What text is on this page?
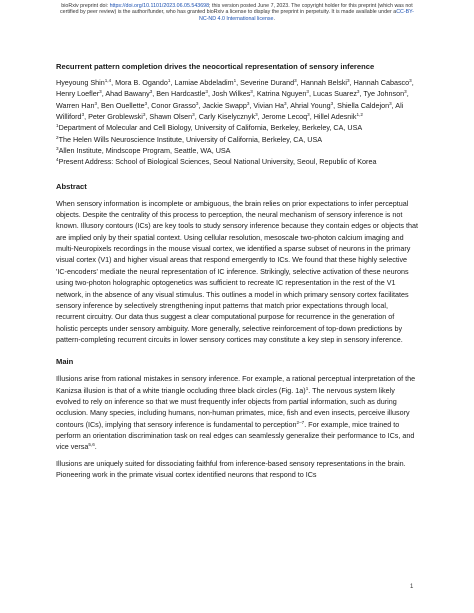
bioRxiv preprint doi: https://doi.org/10.1101/2023.06.05.543698; this version posted June 7, 2023. The copyright holder for this preprint (which was not certified by peer review) is the author/funder, who has granted bioRxiv a license to display the preprint in perpetuity. It is made available under aCC-BY-NC-ND 4.0 International license.
Recurrent pattern completion drives the neocortical representation of sensory inference
Hyeyoung Shin$^{1,4}$, Mora B. Ogando$^1$, Lamiae Abdeladim$^1$, Severine Durand$^3$, Hannah Belski$^3$, Hannah Cabasco$^3$, Henry Loefler$^3$, Ahad Bawany$^3$, Ben Hardcastle$^3$, Josh Wilkes$^3$, Katrina Nguyen$^3$, Lucas Suarez$^3$, Tye Johnson$^3$, Warren Han$^3$, Ben Ouellette$^3$, Conor Grasso$^3$, Jackie Swapp$^3$, Vivian Ha$^3$, Ahrial Young$^3$, Shiella Caldejon$^3$, Ali Williford$^3$, Peter Groblewski$^3$, Shawn Olsen$^3$, Carly Kiselycznyk$^3$, Jerome Lecoq$^3$, Hillel Adesnik$^{1,2}$

$^1$Department of Molecular and Cell Biology, University of California, Berkeley, Berkeley, CA, USA

$^2$The Helen Wills Neuroscience Institute, University of California, Berkeley, CA, USA

$^3$Allen Institute, Mindscope Program, Seattle, WA, USA

$^4$Present Address: School of Biological Sciences, Seoul National University, Seoul, Republic of Korea

Abstract

When sensory information is incomplete or ambiguous, the brain relies on prior expectations to infer perceptual objects. Despite the centrality of this process to perception, the neural mechanism of sensory inference is not known. Illusory contours (ICs) are key tools to study sensory inference because they contain edges or objects that are implied only by their spatial context. Using cellular resolution, mesoscale two-photon calcium imaging and multi-Neuropixels recordings in the mouse visual cortex, we identified a sparse subset of neurons in the primary visual cortex (V1) and higher visual areas that respond emergently to ICs. We found that these highly selective 'IC-encoders' mediate the neural representation of IC inference. Strikingly, selective activation of these neurons using two-photon holographic optogenetics was sufficient to recreate IC representation in the rest of the V1 network, in the absence of any visual stimulus. This outlines a model in which primary sensory cortex facilitates sensory inference by selectively strengthening input patterns that match prior expectations through local, recurrent circuitry. Our data thus suggest a clear computational purpose for recurrence in the generation of holistic percepts under sensory ambiguity. More generally, selective reinforcement of top-down predictions by pattern-completing recurrent circuits in lower sensory cortices may constitute a key step in sensory inference.

Main

Illusions arise from rational mistakes in sensory inference. For example, a rational perceptual interpretation of the Kanizsa illusion is that of a white triangle occluding three black circles (Fig. 1a)$^1$. The nervous system likely evolved to rely on inference so that we must frequently infer objects from partial information, such as during occlusion. Many species, including humans, non-human primates, mice, fish and even insects, perceive illusory contours (ICs), implying that sensory inference is fundamental to perception$^{2-7}$. For example, mice trained to perform an orientation discrimination task on real edges can seamlessly generalize their performance to ICs, and vice versa$^{5,6}$.

Illusions are uniquely suited for dissociating faithful from inference-based sensory representations in the brain. Pioneering work in the primate visual cortex identified neurons that respond to ICs

1
